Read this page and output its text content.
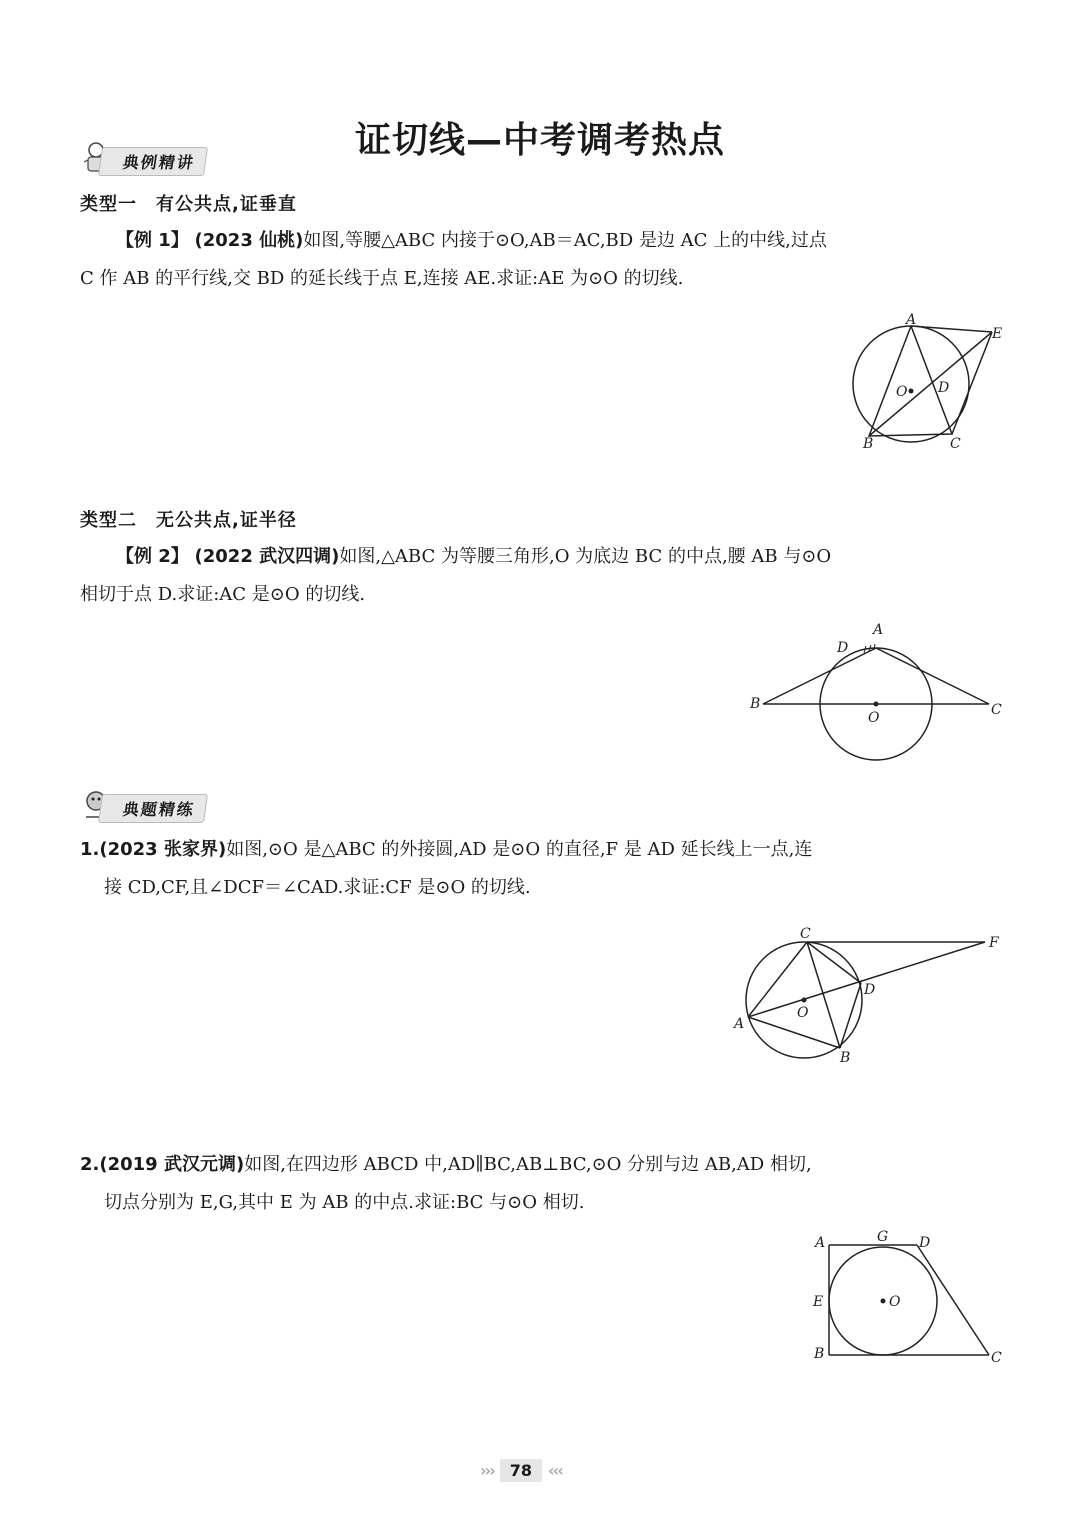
证切线—中考调考热点
典例精讲
类型一　有公共点,证垂直
【例 1】 (2023 仙桃)如图,等腰△ABC 内接于⊙O,AB＝AC,BD 是边 AC 上的中线,过点
C 作 AB 的平行线,交 BD 的延长线于点 E,连接 AE.求证:AE 为⊙O 的切线.
A
E
O D
B	C
类型二　无公共点,证半径
【例 2】 (2022 武汉四调)如图,△ABC 为等腰三角形,O 为底边 BC 的中点,腰 AB 与⊙O
相切于点 D.求证:AC 是⊙O 的切线.
A
D
B	C
O
典题精练
1.(2023 张家界)如图,⊙O 是△ABC 的外接圆,AD 是⊙O 的直径,F 是 AD 延长线上一点,连
接 CD,CF,且∠DCF＝∠CAD.求证:CF 是⊙O 的切线.
C
F
D
O
A
B
2.(2019 武汉元调)如图,在四边形 ABCD 中,AD∥BC,AB⊥BC,⊙O 分别与边 AB,AD 相切,
切点分别为 E,G,其中 E 为 AB 的中点.求证:BC 与⊙O 相切.
A	G D
E	O
B	C
›››	78	‹‹‹
